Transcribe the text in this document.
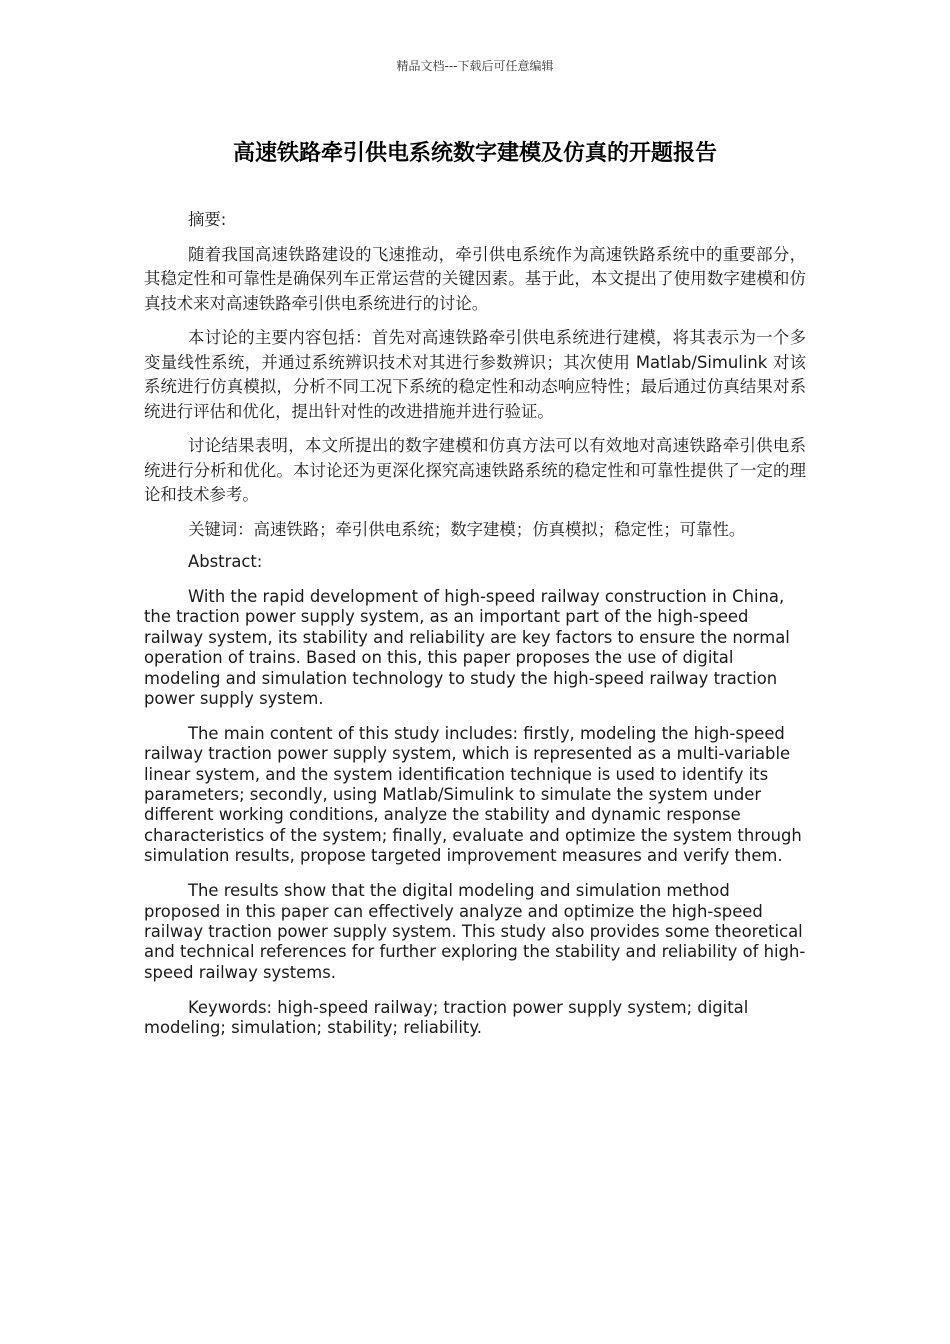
精品文档---下载后可任意编辑
高速铁路牵引供电系统数字建模及仿真的开题报告

摘要:

随着我国高速铁路建设的飞速推动，牵引供电系统作为高速铁路系统中的重要部分，其稳定性和可靠性是确保列车正常运营的关键因素。基于此，本文提出了使用数字建模和仿真技术来对高速铁路牵引供电系统进行的讨论。

本讨论的主要内容包括：首先对高速铁路牵引供电系统进行建模，将其表示为一个多变量线性系统，并通过系统辨识技术对其进行参数辨识；其次使用 Matlab/Simulink 对该系统进行仿真模拟，分析不同工况下系统的稳定性和动态响应特性；最后通过仿真结果对系统进行评估和优化，提出针对性的改进措施并进行验证。

讨论结果表明，本文所提出的数字建模和仿真方法可以有效地对高速铁路牵引供电系统进行分析和优化。本讨论还为更深化探究高速铁路系统的稳定性和可靠性提供了一定的理论和技术参考。

关键词：高速铁路；牵引供电系统；数字建模；仿真模拟；稳定性；可靠性。

Abstract:

With the rapid development of high-speed railway construction in China, the traction power supply system, as an important part of the high-speed railway system, its stability and reliability are key factors to ensure the normal operation of trains. Based on this, this paper proposes the use of digital modeling and simulation technology to study the high-speed railway traction power supply system.

The main content of this study includes: firstly, modeling the high-speed railway traction power supply system, which is represented as a multi-variable linear system, and the system identification technique is used to identify its parameters; secondly, using Matlab/Simulink to simulate the system under different working conditions, analyze the stability and dynamic response characteristics of the system; finally, evaluate and optimize the system through simulation results, propose targeted improvement measures and verify them.

The results show that the digital modeling and simulation method proposed in this paper can effectively analyze and optimize the high-speed railway traction power supply system. This study also provides some theoretical and technical references for further exploring the stability and reliability of high-speed railway systems.

Keywords: high-speed railway; traction power supply system; digital modeling; simulation; stability; reliability.
